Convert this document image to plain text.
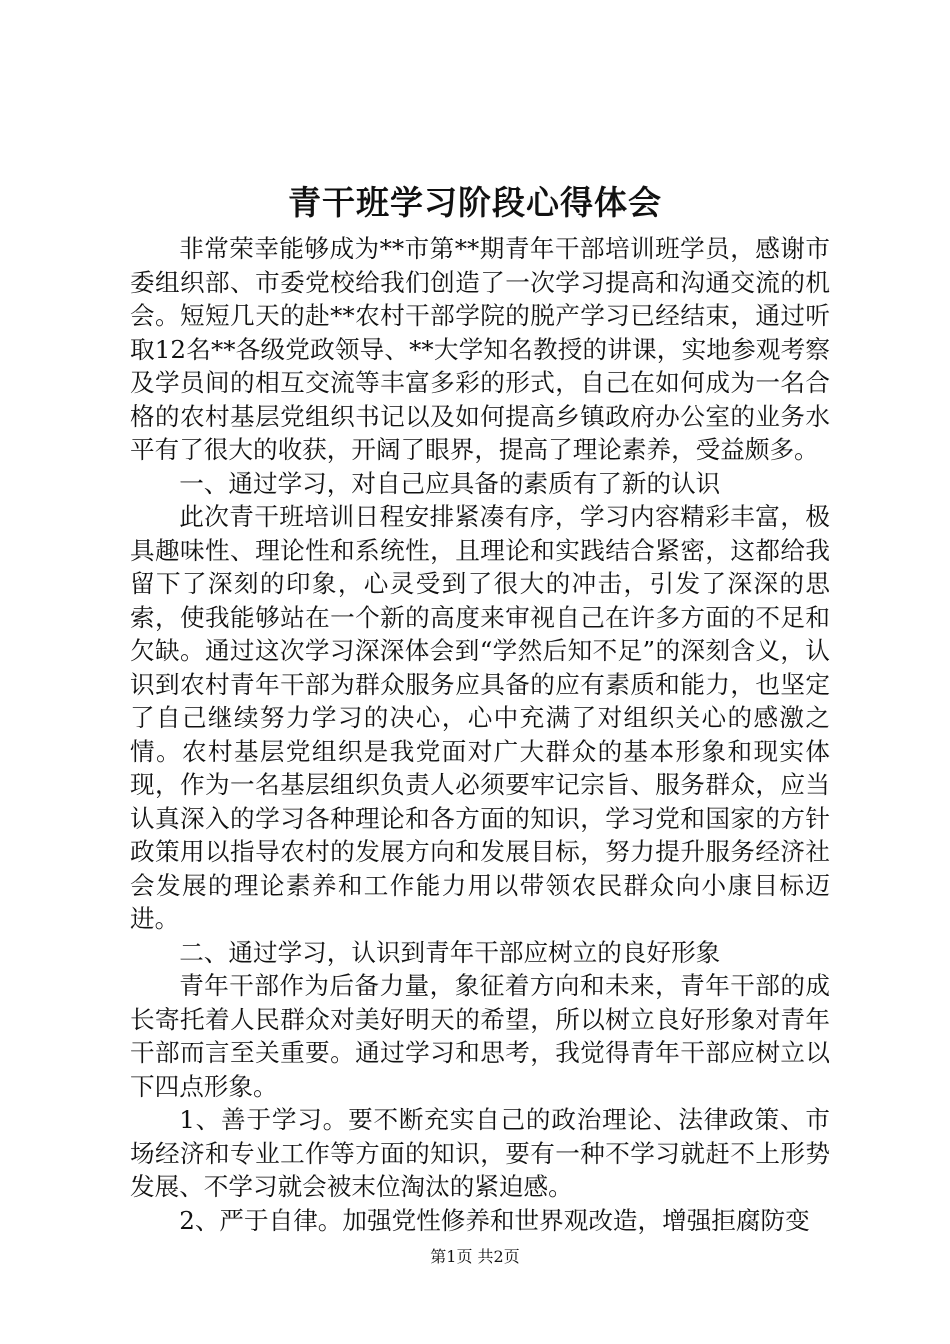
青干班学习阶段心得体会

非常荣幸能够成为**市第**期青年干部培训班学员，感谢市委组织部、市委党校给我们创造了一次学习提高和沟通交流的机会。短短几天的赴**农村干部学院的脱产学习已经结束，通过听取12名**各级党政领导、**大学知名教授的讲课，实地参观考察及学员间的相互交流等丰富多彩的形式，自己在如何成为一名合格的农村基层党组织书记以及如何提高乡镇政府办公室的业务水平有了很大的收获，开阔了眼界，提高了理论素养，受益颇多。

一、通过学习，对自己应具备的素质有了新的认识

此次青干班培训日程安排紧凑有序，学习内容精彩丰富，极具趣味性、理论性和系统性，且理论和实践结合紧密，这都给我留下了深刻的印象，心灵受到了很大的冲击，引发了深深的思索，使我能够站在一个新的高度来审视自己在许多方面的不足和欠缺。通过这次学习深深体会到“学然后知不足”的深刻含义，认识到农村青年干部为群众服务应具备的应有素质和能力，也坚定了自己继续努力学习的决心，心中充满了对组织关心的感激之情。农村基层党组织是我党面对广大群众的基本形象和现实体现，作为一名基层组织负责人必须要牢记宗旨、服务群众，应当认真深入的学习各种理论和各方面的知识，学习党和国家的方针政策用以指导农村的发展方向和发展目标，努力提升服务经济社会发展的理论素养和工作能力用以带领农民群众向小康目标迈进。

二、通过学习，认识到青年干部应树立的良好形象

青年干部作为后备力量，象征着方向和未来，青年干部的成长寄托着人民群众对美好明天的希望，所以树立良好形象对青年干部而言至关重要。通过学习和思考，我觉得青年干部应树立以下四点形象。

1、善于学习。要不断充实自己的政治理论、法律政策、市场经济和专业工作等方面的知识，要有一种不学习就赶不上形势发展、不学习就会被末位淘汰的紧迫感。

2、严于自律。加强党性修养和世界观改造，增强拒腐防变

第1页 共2页
